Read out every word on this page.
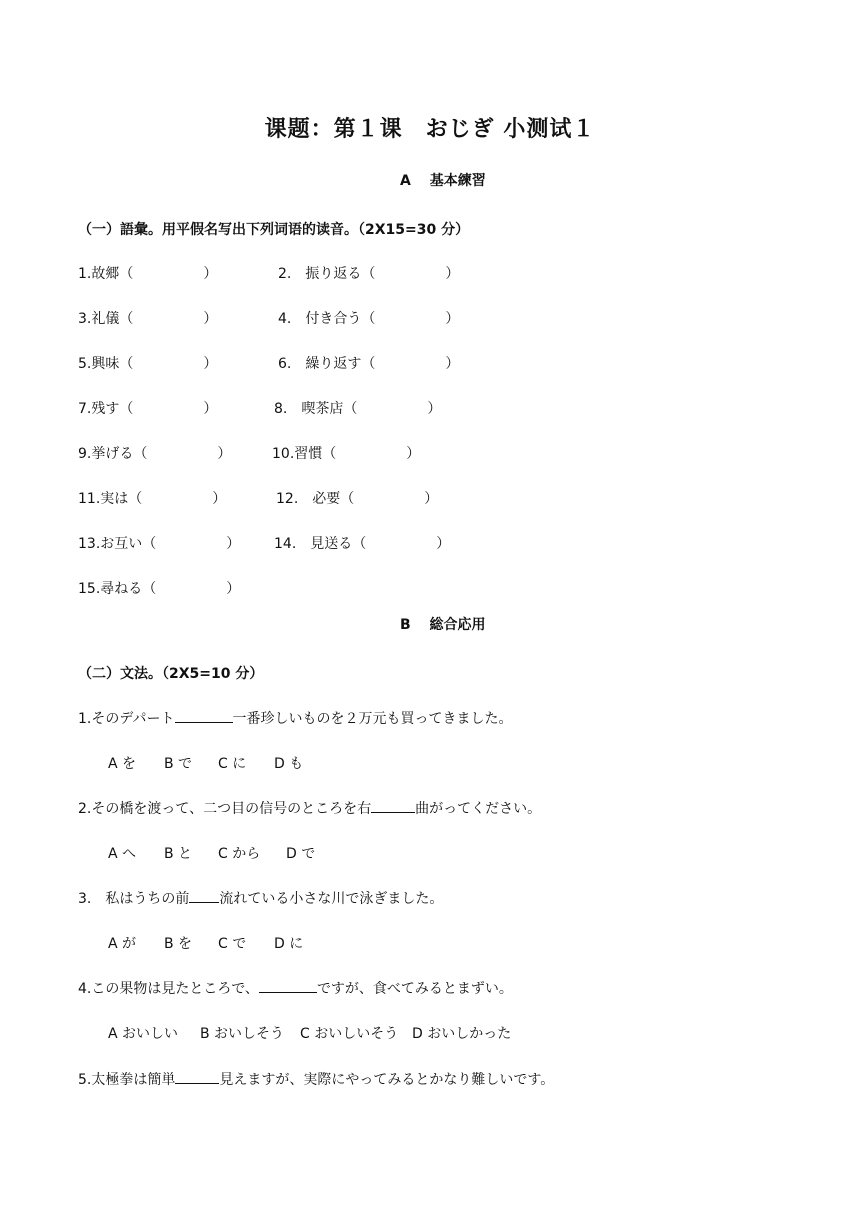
课题：第１课　おじぎ 小测试１
A　 基本練習
（一）語彙。用平假名写出下列词语的读音。（2X15=30 分）
1.故郷（　　　　　）	2.　振り返る（　　　　　）
3.礼儀（　　　　　）	4.　付き合う（　　　　　）
5.興味（　　　　　）	6.　繰り返す（　　　　　）
7.残す（　　　　　）	8.　喫茶店（　　　　　）
9.挙げる（　　　　　）	10.習慣（　　　　　）
11.実は（　　　　　）	12.　必要（　　　　　）
13.お互い（　　　　　） 14.　見送る（　　　　　）
15.尋ねる（　　　　　）
B　 総合応用
（二）文法。（2X5=10 分）
1.そのデパート	一番珍しいものを２万元も買ってきました。
A を B で C に D も
2.その橋を渡って、二つ目の信号のところを右	曲がってください。
A へ B と C から D で
3.　私はうちの前 流れている小さな川で泳ぎました。
A が B を C で D に
4.この果物は見たところで、	ですが、食べてみるとまずい。
A おいしい B おいしそう C おいしいそう D おいしかった
5.太極拳は簡単	見えますが、実際にやってみるとかなり難しいです。
